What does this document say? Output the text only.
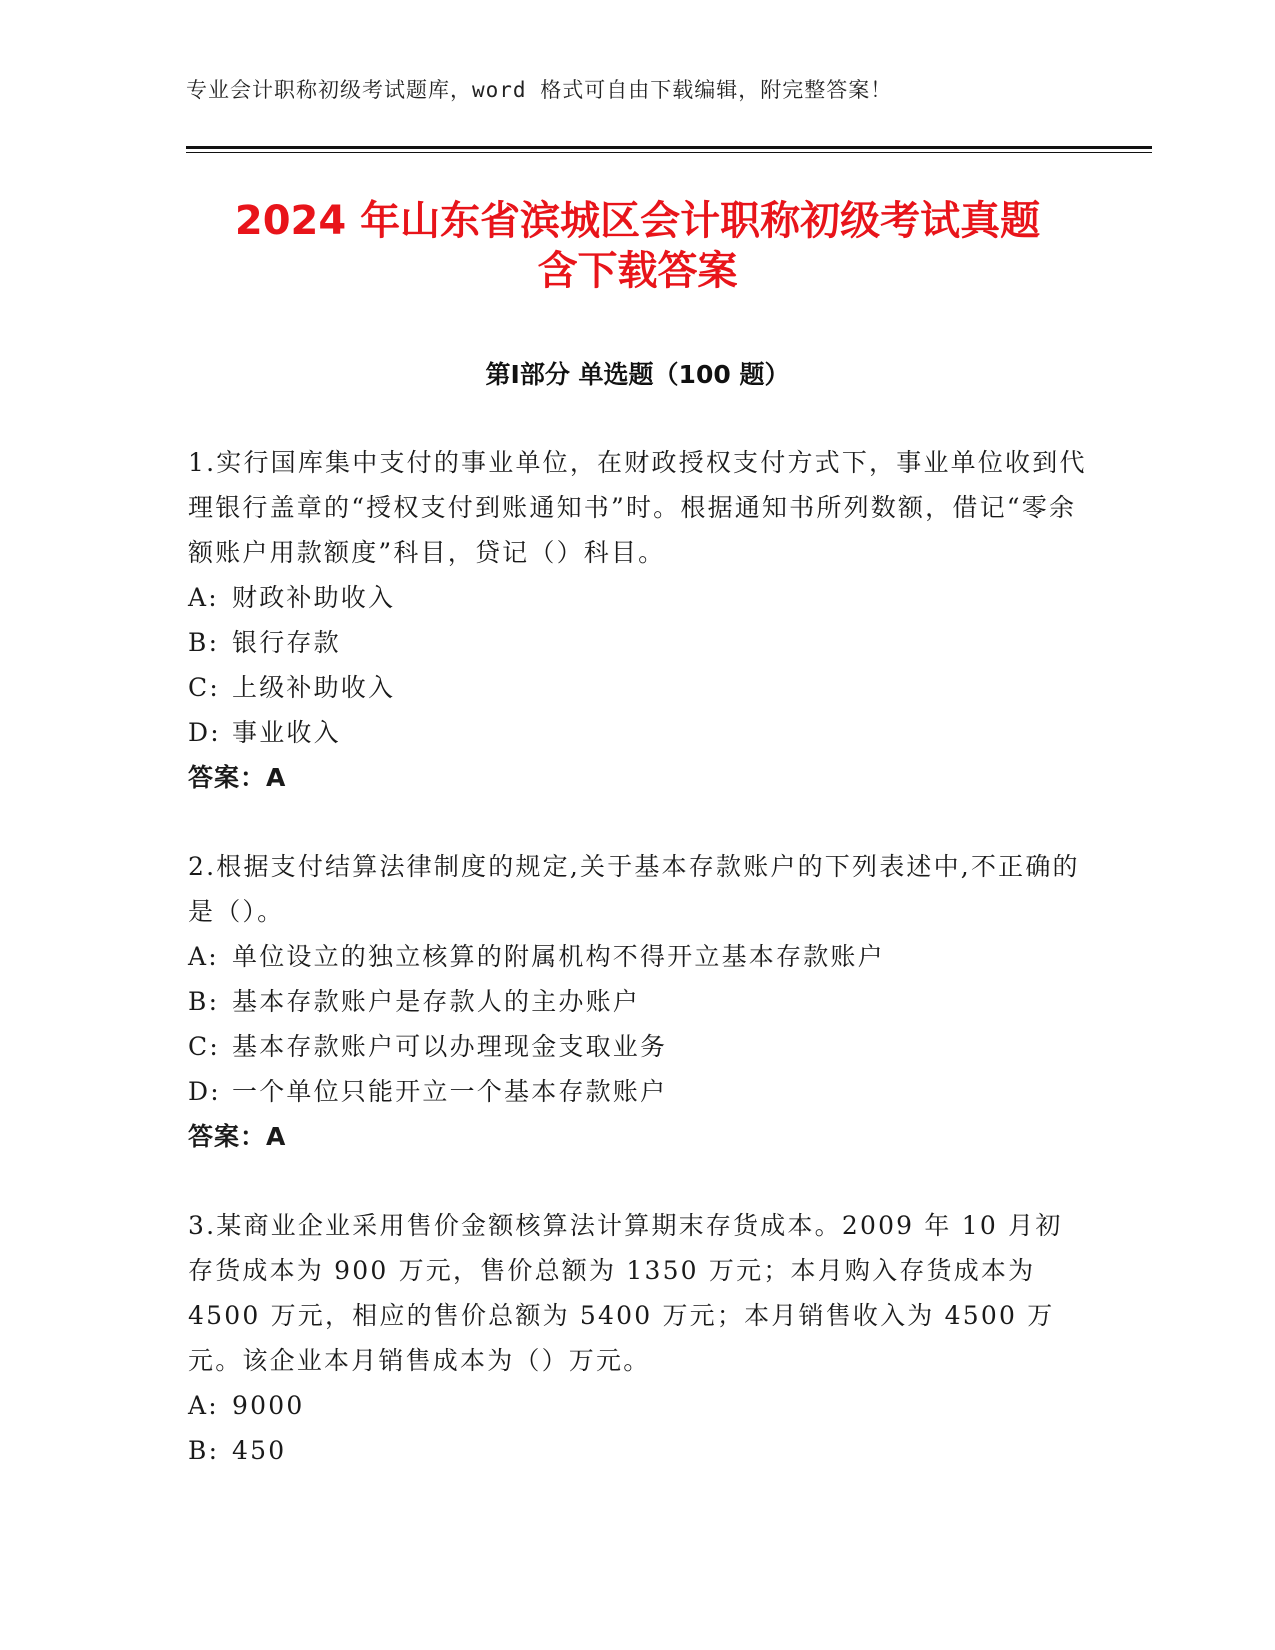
专业会计职称初级考试题库，word 格式可自由下载编辑，附完整答案！
2024 年山东省滨城区会计职称初级考试真题
含下载答案
第Ⅰ部分 单选题（100 题）
1.实行国库集中支付的事业单位，在财政授权支付方式下，事业单位收到代理银行盖章的“授权支付到账通知书”时。根据通知书所列数额，借记“零余额账户用款额度”科目，贷记（）科目。
A: 财政补助收入
B: 银行存款
C: 上级补助收入
D: 事业收入
答案：A
2.根据支付结算法律制度的规定,关于基本存款账户的下列表述中,不正确的是（）。
A: 单位设立的独立核算的附属机构不得开立基本存款账户
B: 基本存款账户是存款人的主办账户
C: 基本存款账户可以办理现金支取业务
D: 一个单位只能开立一个基本存款账户
答案：A
3.某商业企业采用售价金额核算法计算期末存货成本。2009 年 10 月初存货成本为 900 万元，售价总额为 1350 万元；本月购入存货成本为 4500 万元，相应的售价总额为 5400 万元；本月销售收入为 4500 万元。该企业本月销售成本为（）万元。
A: 9000
B: 450
